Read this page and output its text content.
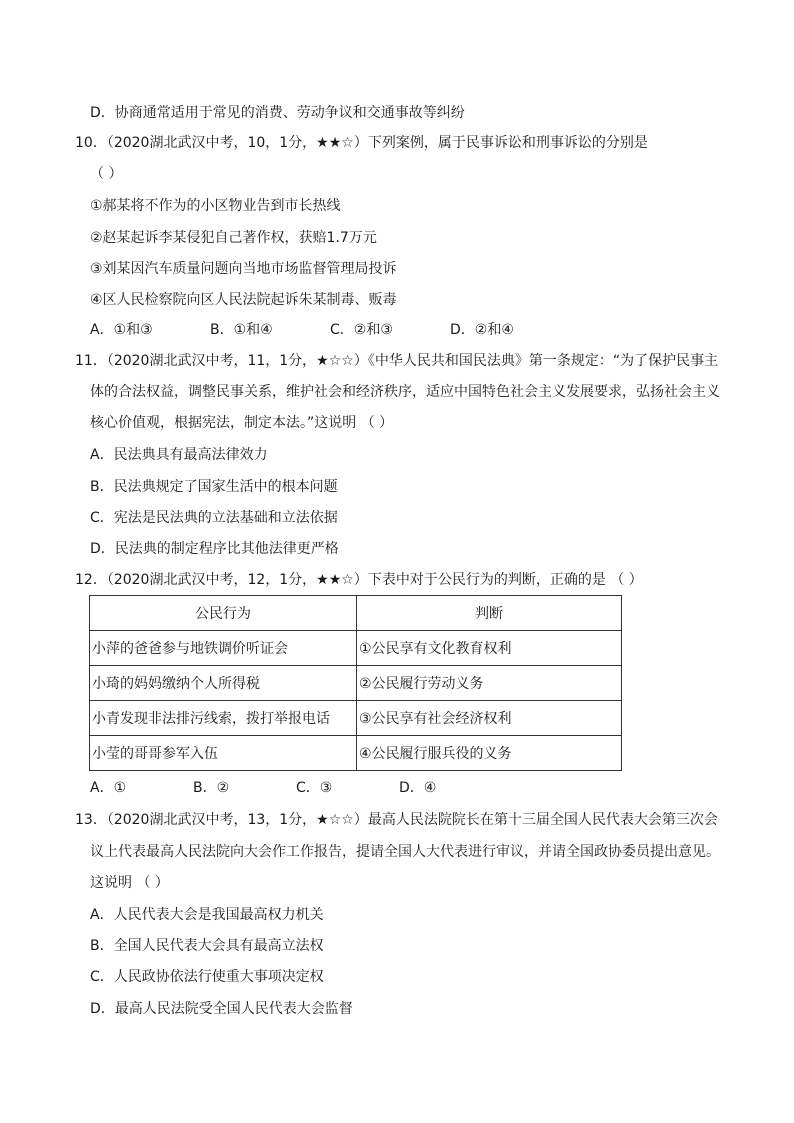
D．协商通常适用于常见的消费、劳动争议和交通事故等纠纷
10．（2020湖北武汉中考，10，1分，★★☆）下列案例，属于民事诉讼和刑事诉讼的分别是
（ ）
①郝某将不作为的小区物业告到市长热线
②赵某起诉李某侵犯自己著作权，获赔1.7万元
③刘某因汽车质量问题向当地市场监督管理局投诉
④区人民检察院向区人民法院起诉朱某制毒、贩毒
A．①和③	B．①和④	C．②和③	D．②和④
11．（2020湖北武汉中考，11，1分，★☆☆）《中华人民共和国民法典》第一条规定：“为了保护民事主
体的合法权益，调整民事关系，维护社会和经济秩序，适应中国特色社会主义发展要求，弘扬社会主义
核心价值观，根据宪法，制定本法。”这说明 （ ）
A．民法典具有最高法律效力
B．民法典规定了国家生活中的根本问题
C．宪法是民法典的立法基础和立法依据
D．民法典的制定程序比其他法律更严格
12．（2020湖北武汉中考，12，1分，★★☆）下表中对于公民行为的判断，正确的是 （ ）
公民行为	判断
小萍的爸爸参与地铁调价听证会	①公民享有文化教育权利
小琦的妈妈缴纳个人所得税	②公民履行劳动义务
小青发现非法排污线索，拨打举报电话	③公民享有社会经济权利
小莹的哥哥参军入伍	④公民履行服兵役的义务
A．①	B．②	C．③	D．④
13．（2020湖北武汉中考，13，1分，★☆☆）最高人民法院院长在第十三届全国人民代表大会第三次会
议上代表最高人民法院向大会作工作报告，提请全国人大代表进行审议，并请全国政协委员提出意见。
这说明 （ ）
A．人民代表大会是我国最高权力机关
B．全国人民代表大会具有最高立法权
C．人民政协依法行使重大事项决定权
D．最高人民法院受全国人民代表大会监督
